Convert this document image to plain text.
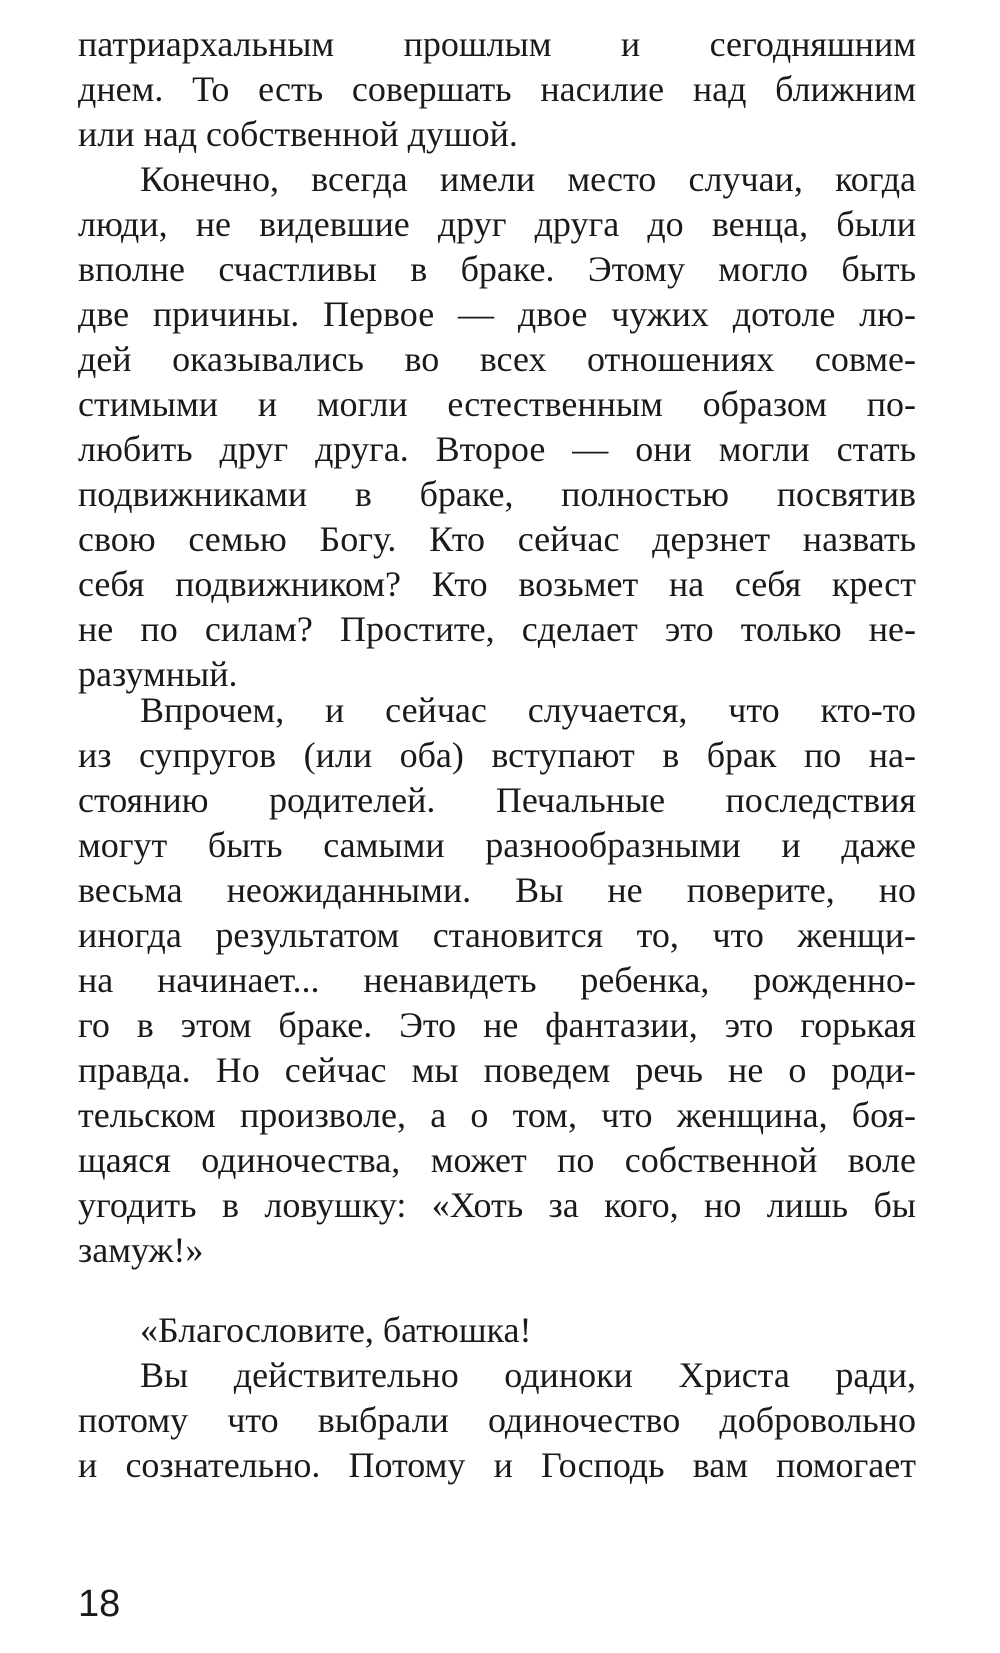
патриархальным прошлым и сегодняшним
днем. То есть совершать насилие над ближним
или над собственной душой.
Конечно, всегда имели место случаи, когда
люди, не видевшие друг друга до венца, были
вполне счастливы в браке. Этому могло быть
две причины. Первое — двое чужих дотоле лю-
дей оказывались во всех отношениях совме-
стимыми и могли естественным образом по-
любить друг друга. Второе — они могли стать
подвижниками в браке, полностью посвятив
свою семью Богу. Кто сейчас дерзнет назвать
себя подвижником? Кто возьмет на себя крест
не по силам? Простите, сделает это только не-
разумный.
Впрочем, и сейчас случается, что кто-то
из супругов (или оба) вступают в брак по на-
стоянию родителей. Печальные последствия
могут быть самыми разнообразными и даже
весьма неожиданными. Вы не поверите, но
иногда результатом становится то, что женщи-
на начинает... ненавидеть ребенка, рожденно-
го в этом браке. Это не фантазии, это горькая
правда. Но сейчас мы поведем речь не о роди-
тельском произволе, а о том, что женщина, боя-
щаяся одиночества, может по собственной воле
угодить в ловушку: «Хоть за кого, но лишь бы
замуж!»
«Благословите, батюшка!
Вы действительно одиноки Христа ради,
потому что выбрали одиночество добровольно
и сознательно. Потому и Господь вам помогает
18
